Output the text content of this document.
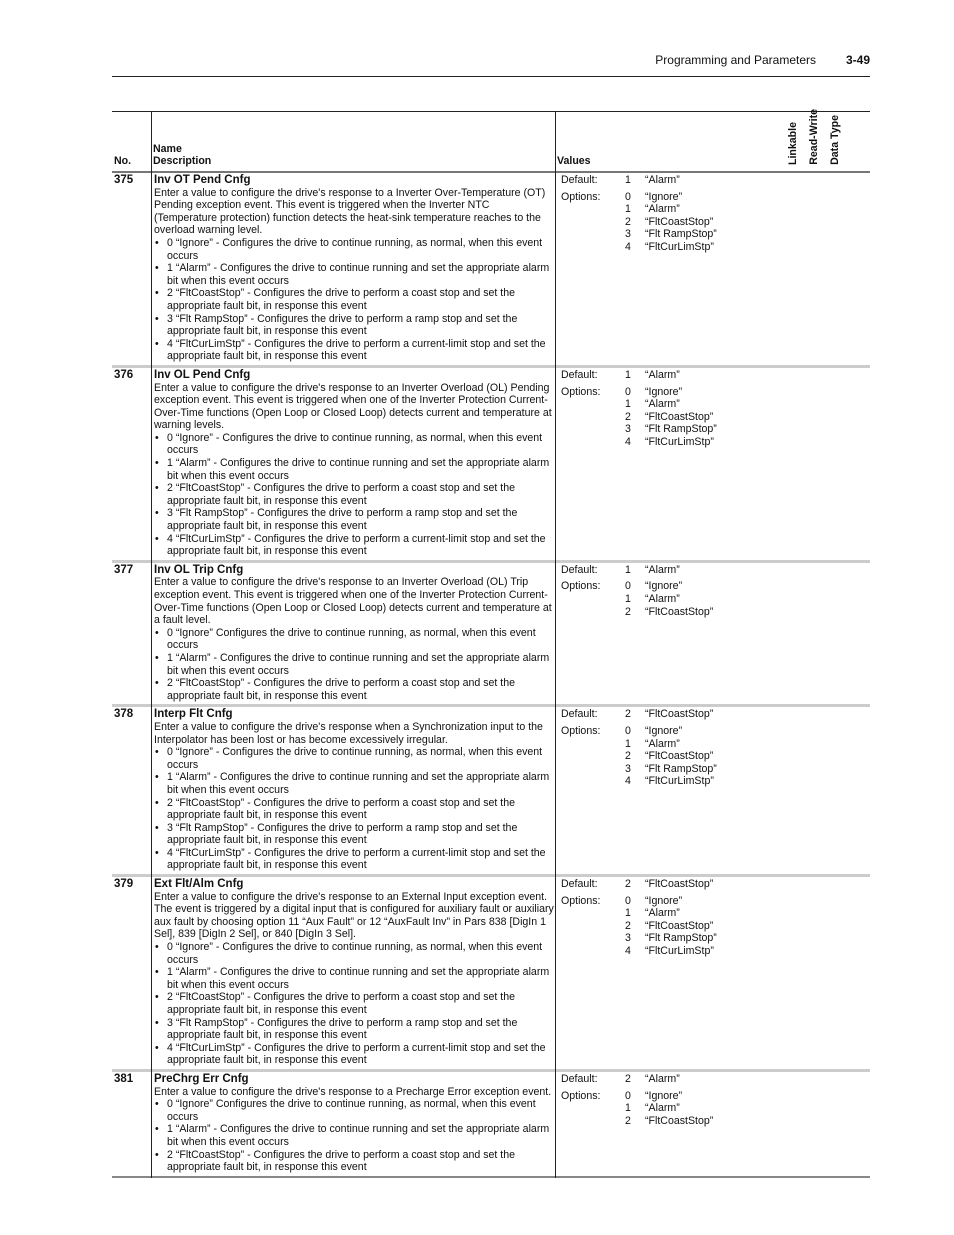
Programming and Parameters 3-49
No.
Name
Description	Values	Linkable Read-Write Data Type
375	Inv OT Pend Cnfg
Enter a value to configure the drive's response to a Inverter Over-Temperature (OT) Pending exception event. This event is triggered when the Inverter NTC (Temperature protection) function detects the heat-sink temperature reaches to the overload warning level.
• 0 “Ignore” - Configures the drive to continue running, as normal, when this event occurs
• 1 “Alarm” - Configures the drive to continue running and set the appropriate alarm bit when this event occurs
• 2 “FltCoastStop” - Configures the drive to perform a coast stop and set the appropriate fault bit, in response this event
• 3 “Flt RampStop” - Configures the drive to perform a ramp stop and set the appropriate fault bit, in response this event
• 4 “FltCurLimStp” - Configures the drive to perform a current-limit stop and set the appropriate fault bit, in response this event
Default:	1	“Alarm”
Options:	0	“Ignore”
1	“Alarm”
2	“FltCoastStop”
3	“Flt RampStop”
4	“FltCurLimStp”
376	Inv OL Pend Cnfg
Enter a value to configure the drive's response to an Inverter Overload (OL) Pending exception event. This event is triggered when one of the Inverter Protection Current-Over-Time functions (Open Loop or Closed Loop) detects current and temperature at warning levels.
• 0 “Ignore” - Configures the drive to continue running, as normal, when this event occurs
• 1 “Alarm” - Configures the drive to continue running and set the appropriate alarm bit when this event occurs
• 2 “FltCoastStop” - Configures the drive to perform a coast stop and set the appropriate fault bit, in response this event
• 3 “Flt RampStop” - Configures the drive to perform a ramp stop and set the appropriate fault bit, in response this event
• 4 “FltCurLimStp” - Configures the drive to perform a current-limit stop and set the appropriate fault bit, in response this event
Default:	1	“Alarm”
Options:	0	“Ignore”
1	“Alarm”
2	“FltCoastStop”
3	“Flt RampStop”
4	“FltCurLimStp”
377	Inv OL Trip Cnfg
Enter a value to configure the drive's response to an Inverter Overload (OL) Trip exception event. This event is triggered when one of the Inverter Protection Current-Over-Time functions (Open Loop or Closed Loop) detects current and temperature at a fault level.
• 0 “Ignore” Configures the drive to continue running, as normal, when this event occurs
• 1 “Alarm” - Configures the drive to continue running and set the appropriate alarm bit when this event occurs
• 2 “FltCoastStop” - Configures the drive to perform a coast stop and set the appropriate fault bit, in response this event
Default:	1	“Alarm”
Options:	0	“Ignore”
1	“Alarm”
2	“FltCoastStop”
378	Interp Flt Cnfg
Enter a value to configure the drive's response when a Synchronization input to the Interpolator has been lost or has become excessively irregular.
• 0 “Ignore” - Configures the drive to continue running, as normal, when this event occurs
• 1 “Alarm” - Configures the drive to continue running and set the appropriate alarm bit when this event occurs
• 2 “FltCoastStop” - Configures the drive to perform a coast stop and set the appropriate fault bit, in response this event
• 3 “Flt RampStop” - Configures the drive to perform a ramp stop and set the appropriate fault bit, in response this event
• 4 “FltCurLimStp” - Configures the drive to perform a current-limit stop and set the appropriate fault bit, in response this event
Default:	2	“FltCoastStop”
Options:	0	“Ignore”
1	“Alarm”
2	“FltCoastStop”
3	“Flt RampStop”
4	“FltCurLimStp”
379	Ext Flt/Alm Cnfg
Enter a value to configure the drive's response to an External Input exception event. The event is triggered by a digital input that is configured for auxiliary fault or auxiliary aux fault by choosing option 11 “Aux Fault” or 12 “AuxFault Inv” in Pars 838 [DigIn 1 Sel], 839 [DigIn 2 Sel], or 840 [DigIn 3 Sel].
• 0 “Ignore” - Configures the drive to continue running, as normal, when this event occurs
• 1 “Alarm” - Configures the drive to continue running and set the appropriate alarm bit when this event occurs
• 2 “FltCoastStop” - Configures the drive to perform a coast stop and set the appropriate fault bit, in response this event
• 3 “Flt RampStop” - Configures the drive to perform a ramp stop and set the appropriate fault bit, in response this event
• 4 “FltCurLimStp” - Configures the drive to perform a current-limit stop and set the appropriate fault bit, in response this event
Default:	2	“FltCoastStop”
Options:	0	“Ignore”
1	“Alarm”
2	“FltCoastStop”
3	“Flt RampStop”
4	“FltCurLimStp”
381	PreChrg Err Cnfg
Enter a value to configure the drive's response to a Precharge Error exception event.
• 0 “Ignore” Configures the drive to continue running, as normal, when this event occurs
• 1 “Alarm” - Configures the drive to continue running and set the appropriate alarm bit when this event occurs
• 2 “FltCoastStop” - Configures the drive to perform a coast stop and set the appropriate fault bit, in response this event
Default:	2	“Alarm”
Options:	0	“Ignore”
1	“Alarm”
2	“FltCoastStop”
